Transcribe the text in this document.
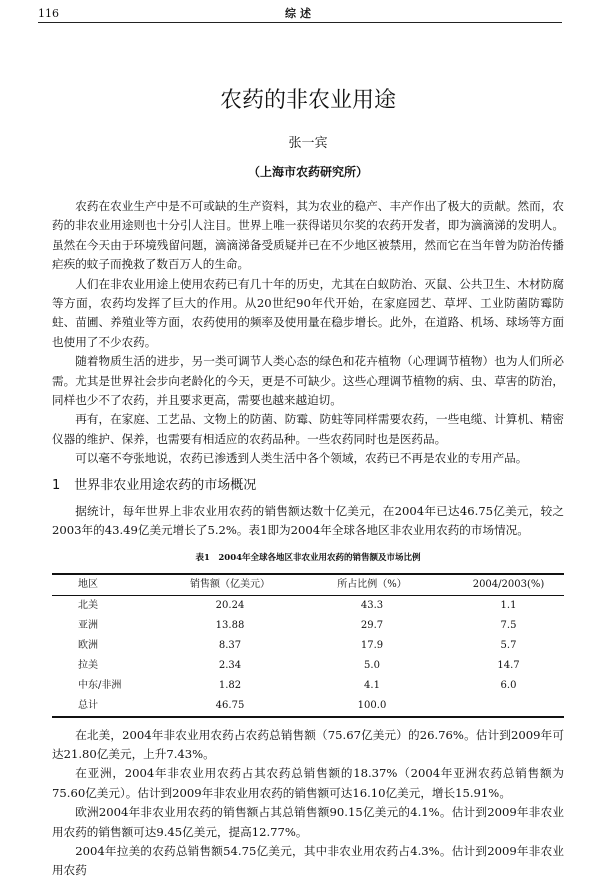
116	综述
农药的非农业用途
张一宾
（上海市农药研究所）

农药在农业生产中是不可或缺的生产资料，其为农业的稳产、丰产作出了极大的贡献。然而，农药的非农业用途则也十分引人注目。世界上唯一获得诺贝尔奖的农药开发者，即为滴滴涕的发明人。虽然在今天由于环境残留问题，滴滴涕备受质疑并已在不少地区被禁用，然而它在当年曾为防治传播疟疾的蚊子而挽救了数百万人的生命。

人们在非农业用途上使用农药已有几十年的历史，尤其在白蚁防治、灭鼠、公共卫生、木材防腐等方面，农药均发挥了巨大的作用。从20世纪90年代开始，在家庭园艺、草坪、工业防菌防霉防蛀、苗圃、养殖业等方面，农药使用的频率及使用量在稳步增长。此外，在道路、机场、球场等方面也使用了不少农药。

随着物质生活的进步，另一类可调节人类心态的绿色和花卉植物（心理调节植物）也为人们所必需。尤其是世界社会步向老龄化的今天，更是不可缺少。这些心理调节植物的病、虫、草害的防治，同样也少不了农药，并且要求更高，需要也越来越迫切。

再有，在家庭、工艺品、文物上的防菌、防霉、防蛀等同样需要农药，一些电缆、计算机、精密仪器的维护、保养，也需要有相适应的农药品种。一些农药同时也是医药品。

可以毫不夸张地说，农药已渗透到人类生活中各个领域，农药已不再是农业的专用产品。

1 世界非农业用途农药的市场概况

据统计，每年世界上非农业用农药的销售额达数十亿美元，在2004年已达46.75亿美元，较之2003年的43.49亿美元增长了5.2%。表1即为2004年全球各地区非农业用农药的市场情况。

表1　2004年全球各地区非农业用农药的销售额及市场比例
地区	销售额（亿美元）	所占比例（%）	2004/2003(%)
北美	20.24	43.3	1.1
亚洲	13.88	29.7	7.5
欧洲	8.37	17.9	5.7
拉美	2.34	5.0	14.7
中东/非洲	1.82	4.1	6.0
总计	46.75	100.0	

在北美，2004年非农业用农药占农药总销售额（75.67亿美元）的26.76%。估计到2009年可达21.80亿美元，上升7.43%。

在亚洲，2004年非农业用农药占其农药总销售额的18.37%（2004年亚洲农药总销售额为75.60亿美元）。估计到2009年非农业用农药的销售额可达16.10亿美元，增长15.91%。

欧洲2004年非农业用农药的销售额占其总销售额90.15亿美元的4.1%。估计到2009年非农业用农药的销售额可达9.45亿美元，提高12.77%。

2004年拉美的农药总销售额54.75亿美元，其中非农业用农药占4.3%。估计到2009年非农业用农药
